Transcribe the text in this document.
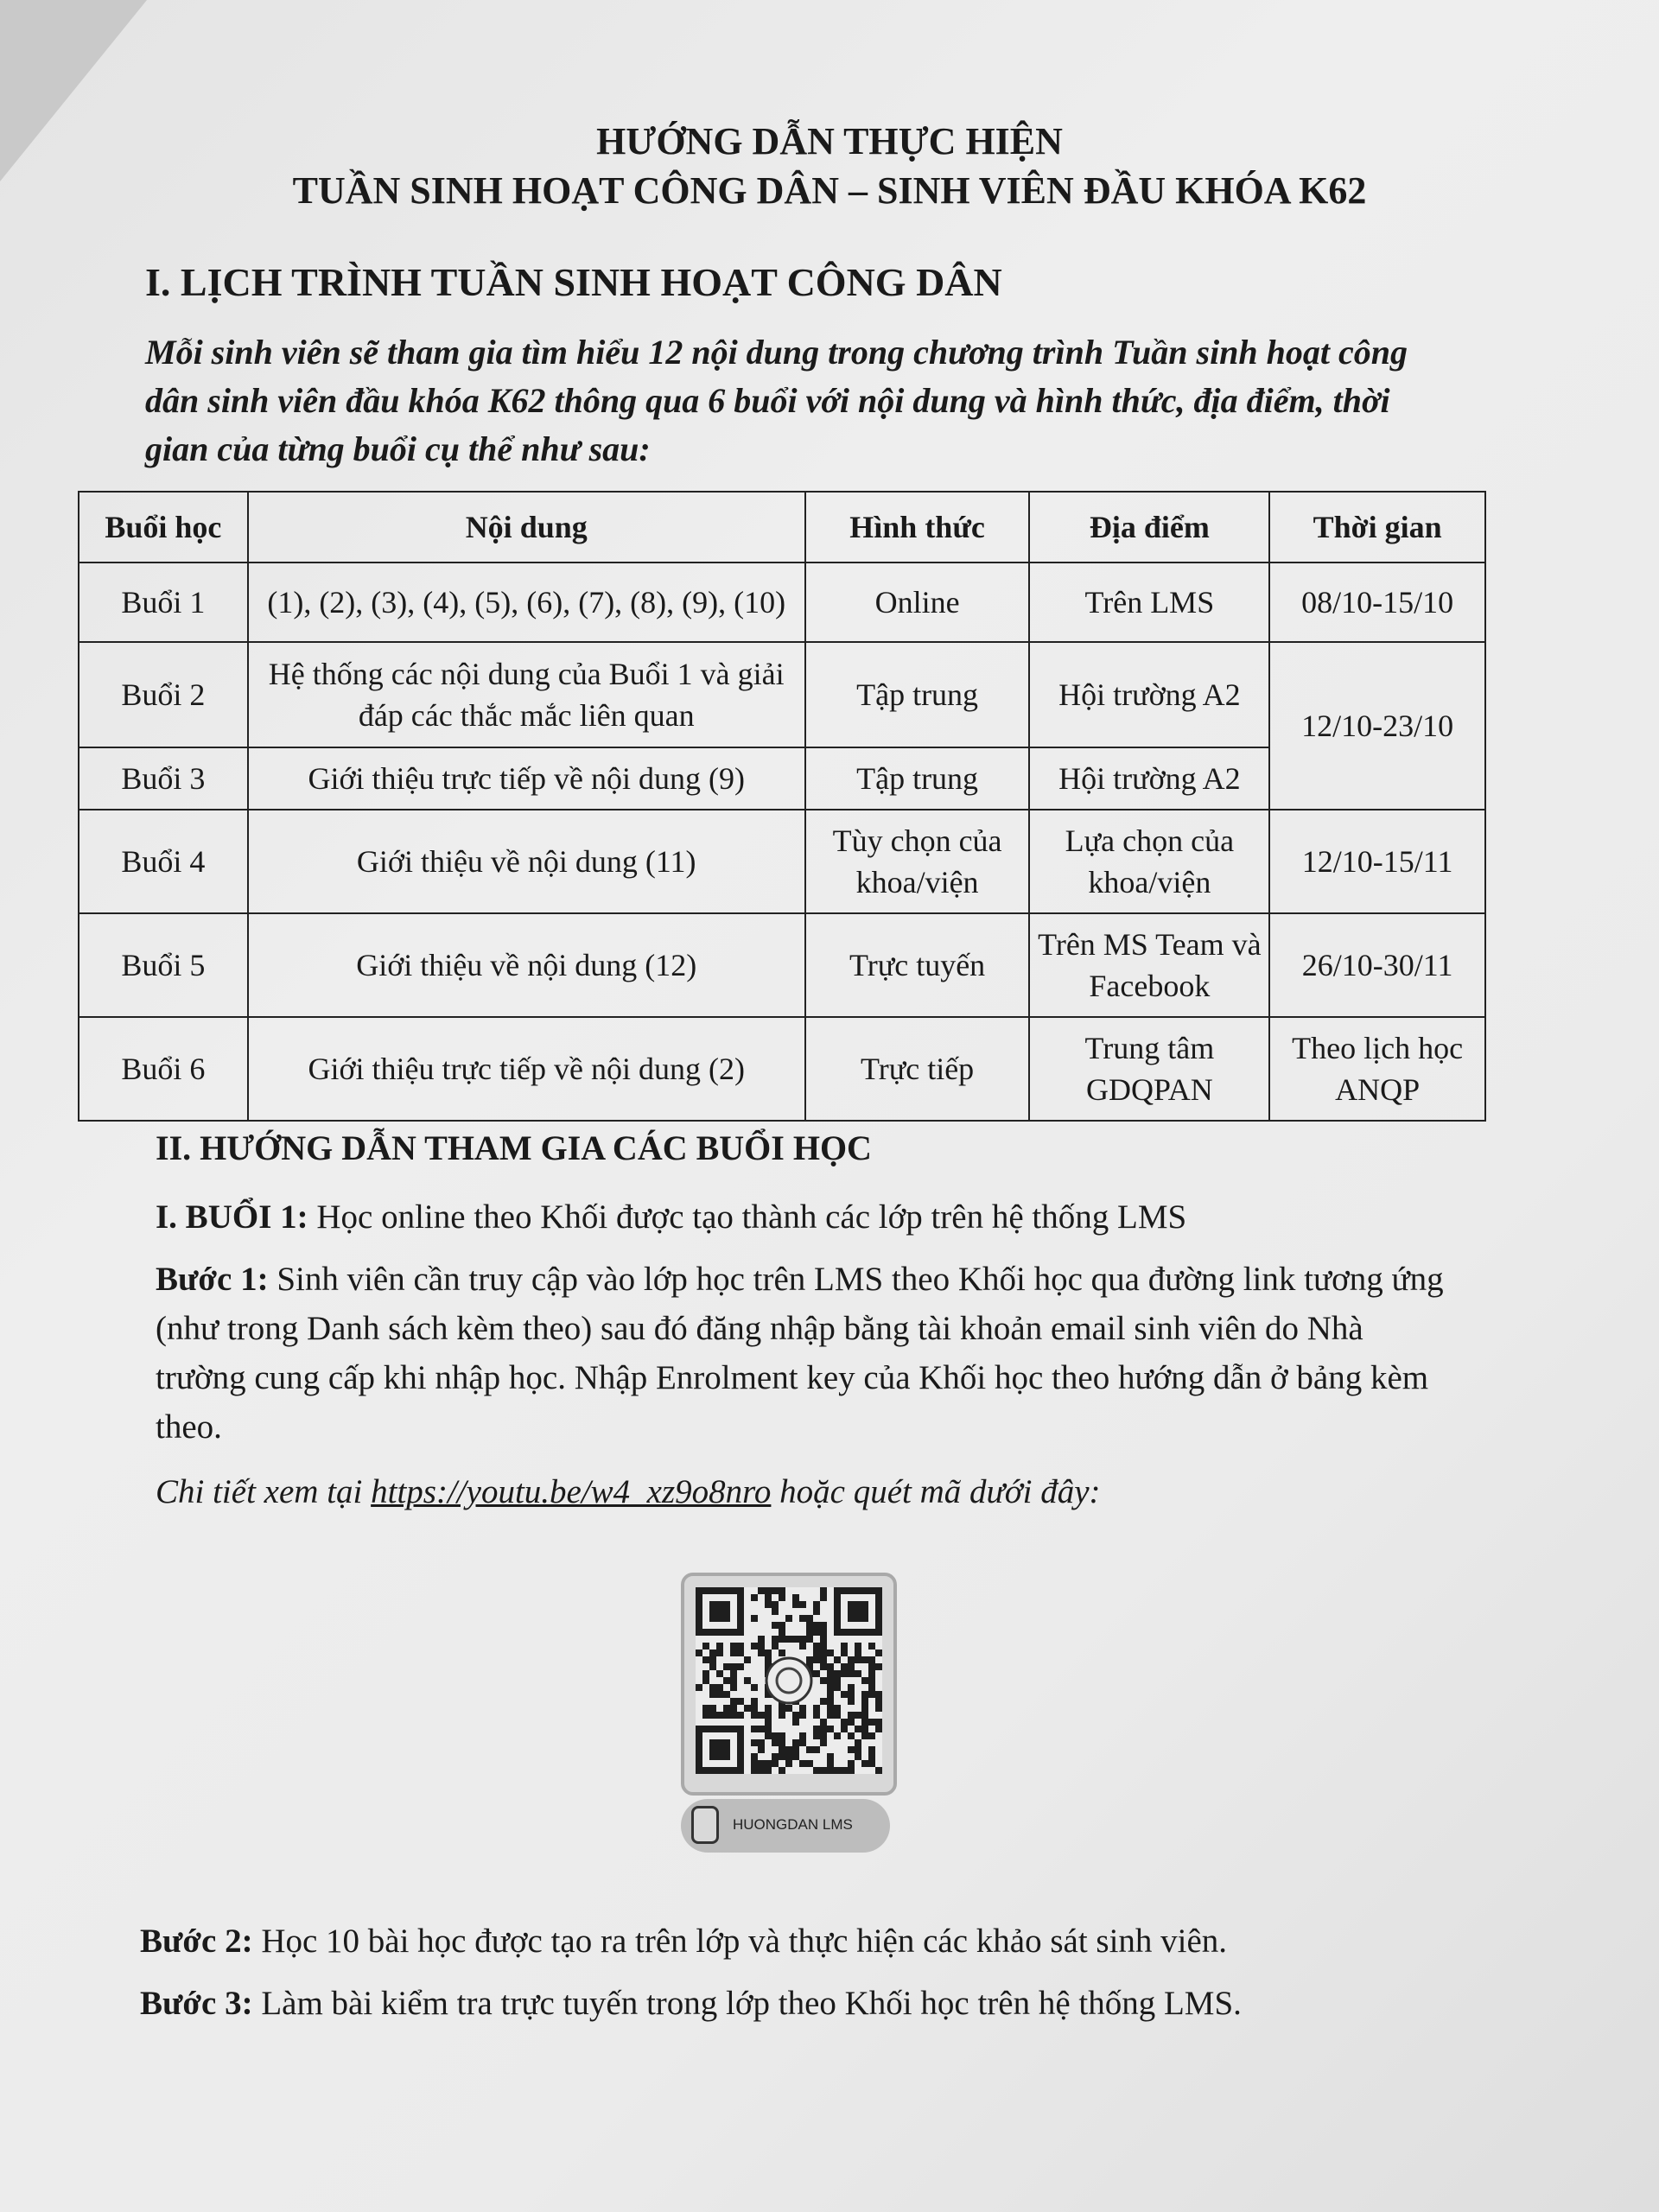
HƯỚNG DẪN THỰC HIỆN
TUẦN SINH HOẠT CÔNG DÂN – SINH VIÊN ĐẦU KHÓA K62
I. LỊCH TRÌNH TUẦN SINH HOẠT CÔNG DÂN
Mỗi sinh viên sẽ tham gia tìm hiểu 12 nội dung trong chương trình Tuần sinh hoạt công dân sinh viên đầu khóa K62 thông qua 6 buổi với nội dung và hình thức, địa điểm, thời gian của từng buổi cụ thể như sau:
Buổi học	Nội dung	Hình thức	Địa điểm	Thời gian
Buổi 1	(1), (2), (3), (4), (5), (6), (7), (8), (9), (10)	Online	Trên LMS	08/10-15/10
Buổi 2	Hệ thống các nội dung của Buổi 1 và giải đáp các thắc mắc liên quan	Tập trung	Hội trường A2	12/10-23/10
Buổi 3	Giới thiệu trực tiếp về nội dung (9)	Tập trung	Hội trường A2	
Buổi 4	Giới thiệu về nội dung (11)	Tùy chọn của khoa/viện	Lựa chọn của khoa/viện	12/10-15/11
Buổi 5	Giới thiệu về nội dung (12)	Trực tuyến	Trên MS Team và Facebook	26/10-30/11
Buổi 6	Giới thiệu trực tiếp về nội dung (2)	Trực tiếp	Trung tâm GDQPAN	Theo lịch học ANQP
II. HƯỚNG DẪN THAM GIA CÁC BUỔI HỌC
I. BUỔI 1: Học online theo Khối được tạo thành các lớp trên hệ thống LMS
Bước 1: Sinh viên cần truy cập vào lớp học trên LMS theo Khối học qua đường link tương ứng (như trong Danh sách kèm theo) sau đó đăng nhập bằng tài khoản email sinh viên do Nhà trường cung cấp khi nhập học. Nhập Enrolment key của Khối học theo hướng dẫn ở bảng kèm theo.
Chi tiết xem tại https://youtu.be/w4_xz9o8nro hoặc quét mã dưới đây:
HUONGDAN LMS
Bước 2: Học 10 bài học được tạo ra trên lớp và thực hiện các khảo sát sinh viên.
Bước 3: Làm bài kiểm tra trực tuyến trong lớp theo Khối học trên hệ thống LMS.
